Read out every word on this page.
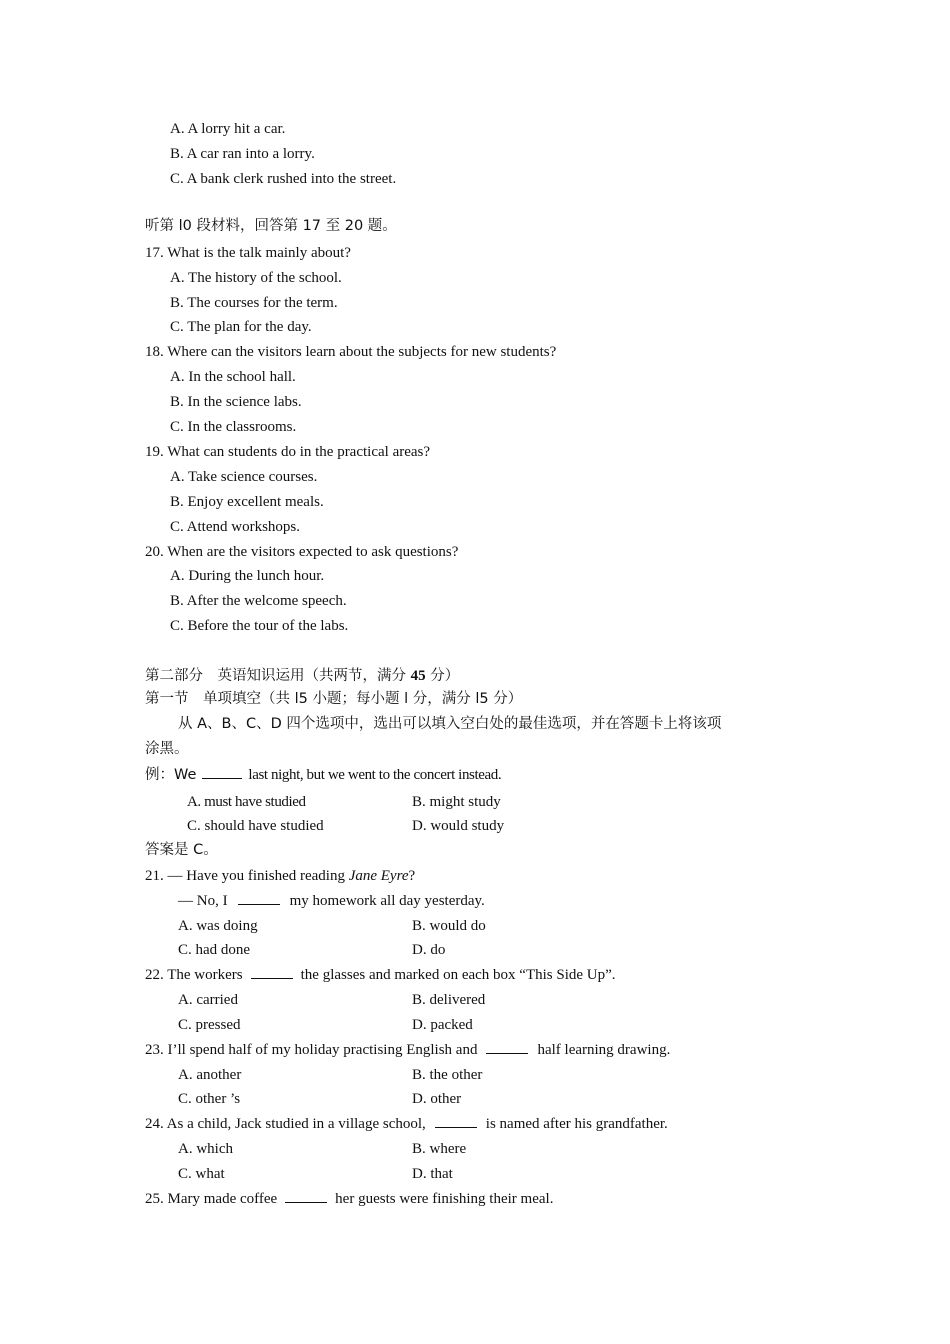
A. A lorry hit a car.
B. A car ran into a lorry.
C. A bank clerk rushed into the street.
听第 l0 段材料，回答第 17 至 20 题。
17. What is the talk mainly about?
A. The history of the school.
B. The courses for the term.
C. The plan for the day.
18. Where can the visitors learn about the subjects for new students?
A. In the school hall.
B. In the science labs.
C. In the classrooms.
19. What can students do in the practical areas?
A. Take science courses.
B. Enjoy excellent meals.
C. Attend workshops.
20. When are the visitors expected to ask questions?
A. During the lunch hour.
B. After the welcome speech.
C. Before the tour of the labs.
第二部分　英语知识运用（共两节，满分 45 分）
第一节　单项填空（共 l5 小题；每小题 l 分，满分 l5 分）
从 A、B、C、D 四个选项中，选出可以填入空白处的最佳选项，并在答题卡上将该项
涂黑。
例：We	last night, but we went to the concert instead.
A. must have studied	B. might study
C. should have studied	D. would study
答案是 C。
21. — Have you finished reading Jane Eyre?
— No, I	my homework all day yesterday.
A. was doing	B. would do
C. had done	D. do
22. The workers	the glasses and marked on each box “This Side Up”.
A. carried	B. delivered
C. pressed	D. packed
23. I’ll spend half of my holiday practising English and	half learning drawing.
A. another	B. the other
C. other ’s	D. other
24. As a child, Jack studied in a village school,	is named after his grandfather.
A. which	B. where
C. what	D. that
25. Mary made coffee	her guests were finishing their meal.
